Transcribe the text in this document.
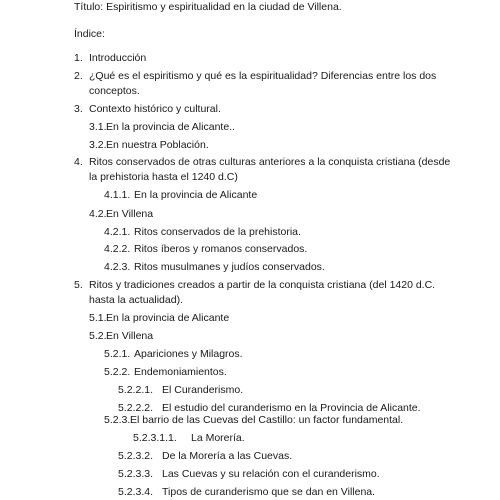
Título: Espiritismo y espiritualidad en la ciudad de Villena.
Índice:
1. Introducción
2. ¿Qué es el espiritismo y qué es la espiritualidad? Diferencias entre los dos
conceptos.
3. Contexto histórico y cultural.
3.1.En la provincia de Alicante..
3.2.En nuestra Población.
4. Ritos conservados de otras culturas anteriores a la conquista cristiana (desde
la prehistoria hasta el 1240 d.C)
4.1.1. En la provincia de Alicante
4.2.En Villena
4.2.1. Ritos conservados de la prehistoria.
4.2.2. Ritos íberos y romanos conservados.
4.2.3. Ritos musulmanes y judíos conservados.
5. Ritos y tradiciones creados a partir de la conquista cristiana (del 1420 d.C.
hasta la actualidad).
5.1.En la provincia de Alicante
5.2.En Villena
5.2.1. Apariciones y Milagros.
5.2.2. Endemoniamientos.
5.2.2.1. El Curanderismo.
5.2.2.2. El estudio del curanderismo en la Provincia de Alicante.
5.2.3.El barrio de las Cuevas del Castillo: un factor fundamental.
5.2.3.1.1. La Morería.
5.2.3.2. De la Morería a las Cuevas.
5.2.3.3. Las Cuevas y su relación con el curanderismo.
5.2.3.4. Tipos de curanderismo que se dan en Villena.
